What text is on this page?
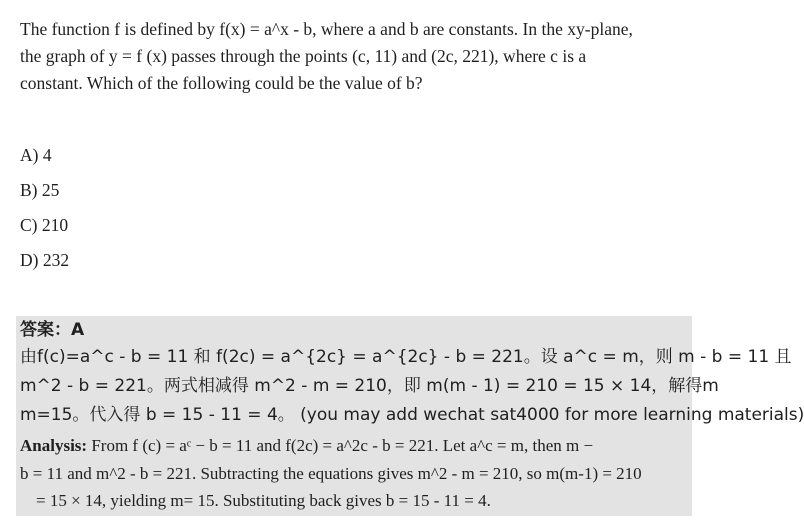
The function f is defined by f(x) = a^x - b, where a and b are constants. In the xy-plane,
the graph of y = f (x) passes through the points (c, 11) and (2c, 221), where c is a
constant. Which of the following could be the value of b?
A) 4
B) 25
C) 210
D) 232
答案：A
由f(c)=a^c - b = 11 和 f(2c) = a^{2c} = a^{2c} - b = 221。设 a^c = m，则 m - b = 11 且
m^2 - b = 221。两式相减得 m^2 - m = 210，即 m(m - 1) = 210 = 15 × 14，解得m
m=15。代入得 b = 15 - 11 = 4。 (you may add wechat sat4000 for more learning materials)
Analysis: From f (c) = aᶜ − b = 11 and f(2c) = a^2c - b = 221. Let a^c = m, then m −
b = 11 and m^2 - b = 221. Subtracting the equations gives m^2 - m = 210, so m(m-1) = 210
= 15 × 14, yielding m= 15. Substituting back gives b = 15 - 11 = 4.
